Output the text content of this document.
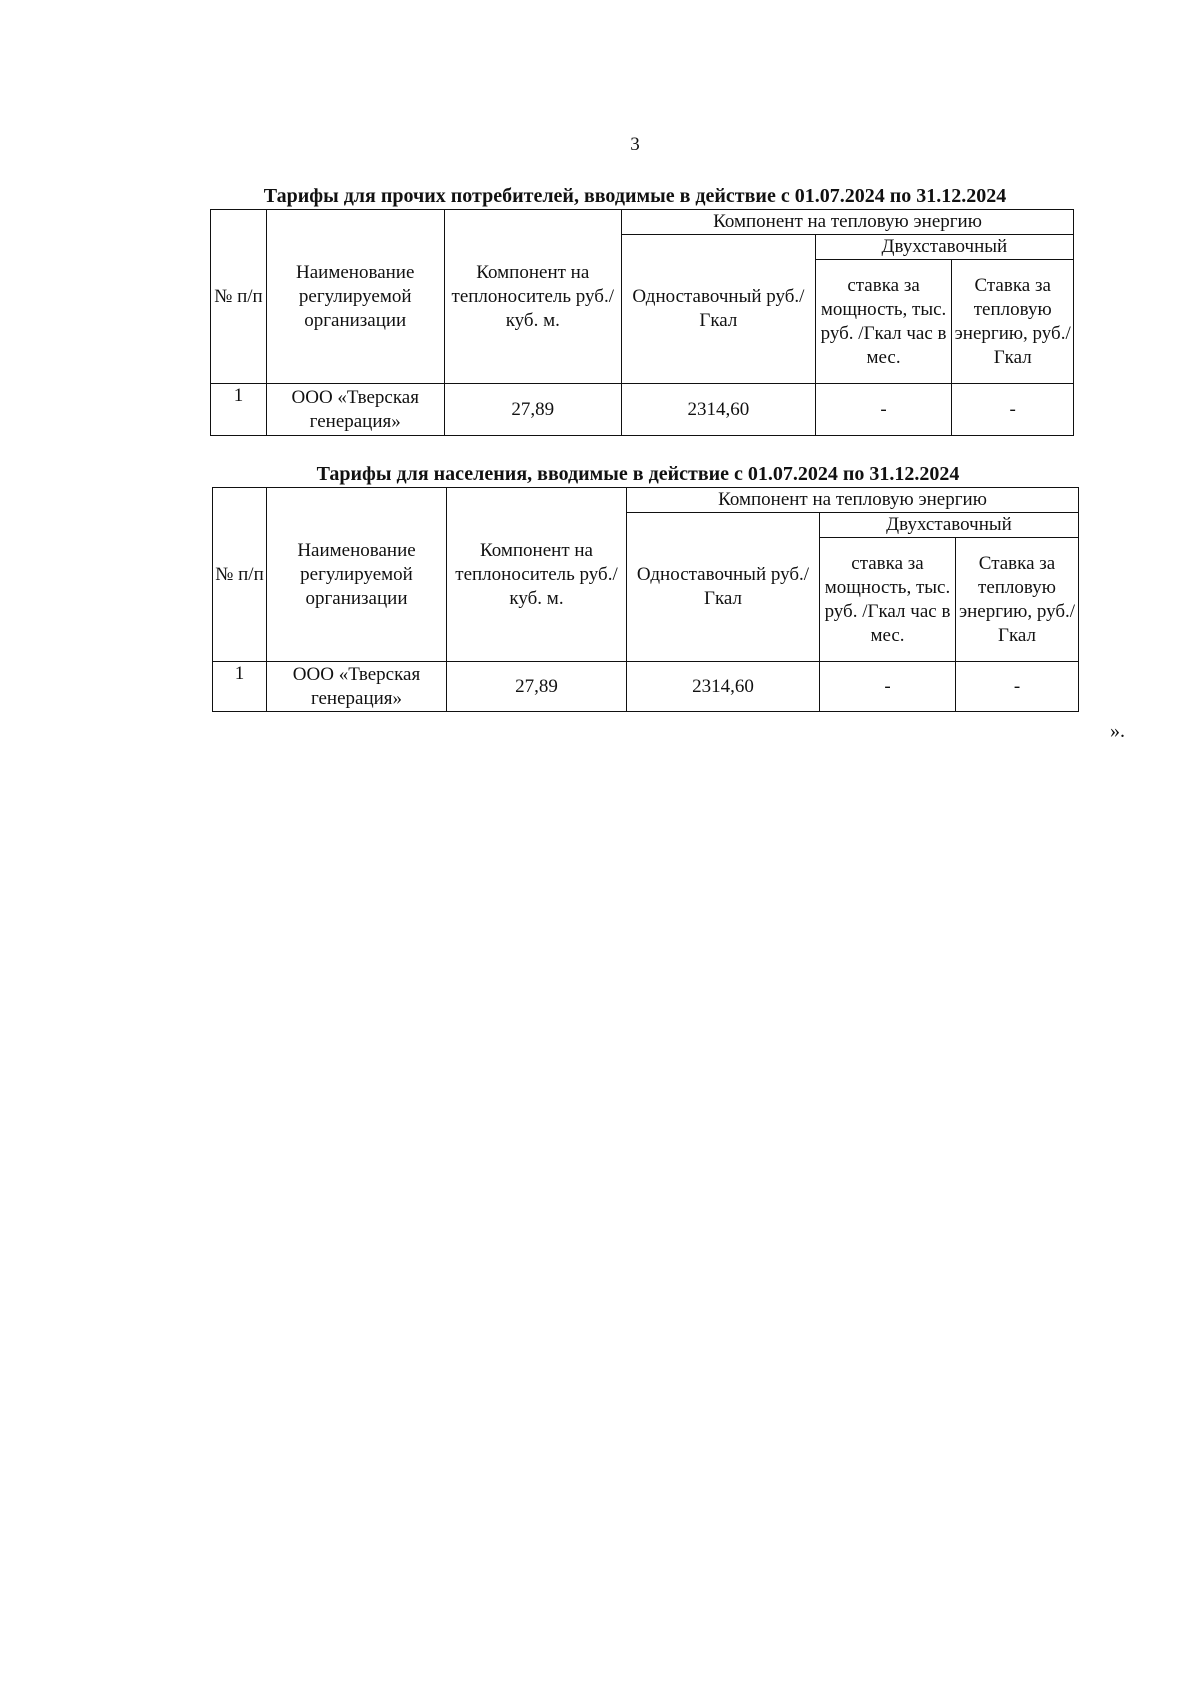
3
Тарифы для прочих потребителей, вводимые в действие с 01.07.2024 по 31.12.2024
№ п/п	Наименование регулируемой организации	Компонент на теплоноситель руб./куб. м.	Компонент на тепловую энергию		
			Одноставочный руб./Гкал	Двухставочный	
				ставка за мощность, тыс. руб. /Гкал час в мес.	Ставка за тепловую энергию, руб./Гкал
1	ООО «Тверская генерация»	27,89	2314,60	-	-
Тарифы для населения, вводимые в действие с 01.07.2024 по 31.12.2024
№ п/п	Наименование регулируемой организации	Компонент на теплоноситель руб./куб. м.	Компонент на тепловую энергию		
			Одноставочный руб./Гкал	Двухставочный	
				ставка за мощность, тыс. руб. /Гкал час в мес.	Ставка за тепловую энергию, руб./Гкал
1	ООО «Тверская генерация»	27,89	2314,60	-	-
».
